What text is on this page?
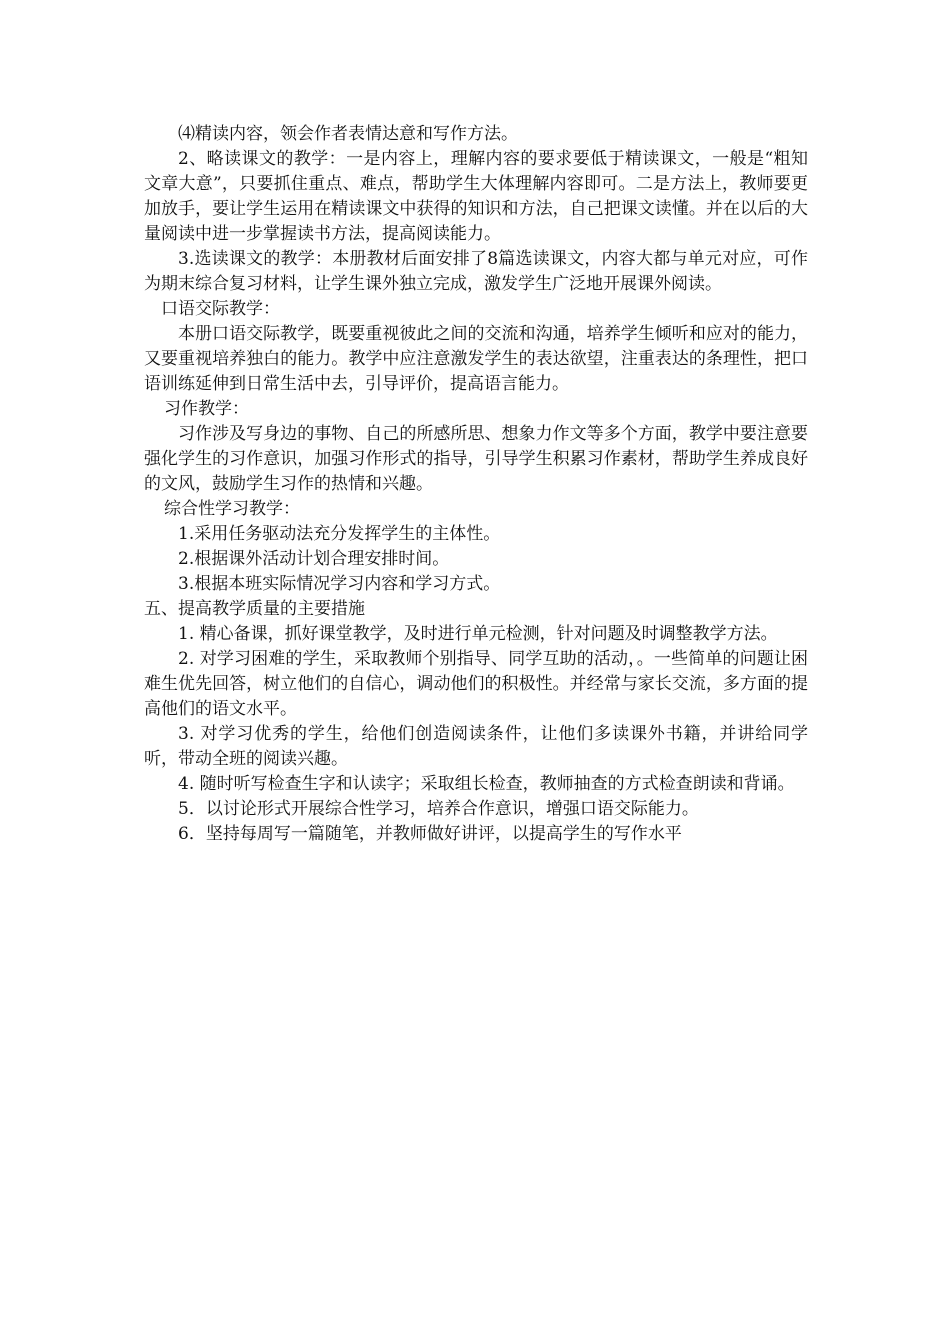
⑷精读内容，领会作者表情达意和写作方法。

2、略读课文的教学：一是内容上，理解内容的要求要低于精读课文，一般是“粗知文章大意”，只要抓住重点、难点，帮助学生大体理解内容即可。二是方法上，教师要更加放手，要让学生运用在精读课文中获得的知识和方法，自己把课文读懂。并在以后的大量阅读中进一步掌握读书方法，提高阅读能力。

3.选读课文的教学：本册教材后面安排了8篇选读课文，内容大都与单元对应，可作为期末综合复习材料，让学生课外独立完成，激发学生广泛地开展课外阅读。

口语交际教学：

本册口语交际教学，既要重视彼此之间的交流和沟通，培养学生倾听和应对的能力，又要重视培养独白的能力。教学中应注意激发学生的表达欲望，注重表达的条理性，把口语训练延伸到日常生活中去，引导评价，提高语言能力。

习作教学：

习作涉及写身边的事物、自己的所感所思、想象力作文等多个方面，教学中要注意要强化学生的习作意识，加强习作形式的指导，引导学生积累习作素材，帮助学生养成良好的文风，鼓励学生习作的热情和兴趣。

综合性学习教学：

1.采用任务驱动法充分发挥学生的主体性。

2.根据课外活动计划合理安排时间。

3.根据本班实际情况学习内容和学习方式。

五、提高教学质量的主要措施

1. 精心备课，抓好课堂教学，及时进行单元检测，针对问题及时调整教学方法。

2. 对学习困难的学生，采取教师个别指导、同学互助的活动，。一些简单的问题让困难生优先回答，树立他们的自信心，调动他们的积极性。并经常与家长交流，多方面的提高他们的语文水平。

3. 对学习优秀的学生，给他们创造阅读条件，让他们多读课外书籍，并讲给同学听，带动全班的阅读兴趣。

4. 随时听写检查生字和认读字；采取组长检查，教师抽查的方式检查朗读和背诵。

5．以讨论形式开展综合性学习，培养合作意识，增强口语交际能力。

6．坚持每周写一篇随笔，并教师做好讲评，以提高学生的写作水平
